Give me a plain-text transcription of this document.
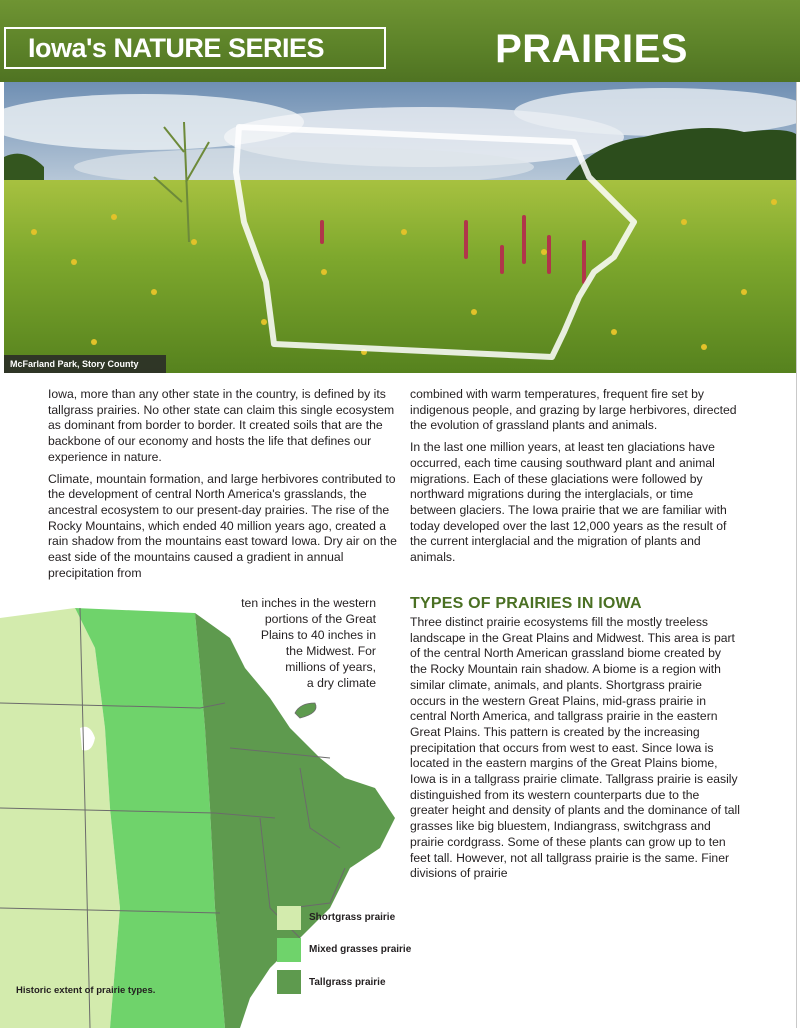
Iowa's NATURE SERIES	PRAIRIES
McFarland Park, Story County

Iowa, more than any other state in the country, is defined by its tallgrass prairies. No other state can claim this single ecosystem as dominant from border to border. It created soils that are the backbone of our economy and hosts the life that defines our experience in nature.

Climate, mountain formation, and large herbivores contributed to the development of central North America's grasslands, the ancestral ecosystem to our present-day prairies. The rise of the Rocky Mountains, which ended 40 million years ago, created a rain shadow from the mountains east toward Iowa. Dry air on the east side of the mountains caused a gradient in annual precipitation from

ten inches in the western
portions of the Great
Plains to 40 inches in
the Midwest. For
millions of years,
a dry climate
Shortgrass prairie
Mixed grasses prairie
Tallgrass prairie
Historic extent of prairie types.

combined with warm temperatures, frequent fire set by indigenous people, and grazing by large herbivores, directed the evolution of grassland plants and animals.

In the last one million years, at least ten glaciations have occurred, each time causing southward plant and animal migrations. Each of these glaciations were followed by northward migrations during the interglacials, or time between glaciers. The Iowa prairie that we are familiar with today developed over the last 12,000 years as the result of the current interglacial and the migration of plants and animals.

TYPES OF PRAIRIES IN IOWA

Three distinct prairie ecosystems fill the mostly treeless landscape in the Great Plains and Midwest. This area is part of the central North American grassland biome created by the Rocky Mountain rain shadow. A biome is a region with similar climate, animals, and plants. Shortgrass prairie occurs in the western Great Plains, mid-grass prairie in central North America, and tallgrass prairie in the eastern Great Plains. This pattern is created by the increasing precipitation that occurs from west to east. Since Iowa is located in the eastern margins of the Great Plains biome, Iowa is in a tallgrass prairie climate. Tallgrass prairie is easily distinguished from its western counterparts due to the greater height and density of plants and the dominance of tall grasses like big bluestem, Indiangrass, switchgrass and prairie cordgrass. Some of these plants can grow up to ten feet tall. However, not all tallgrass prairie is the same. Finer divisions of prairie
